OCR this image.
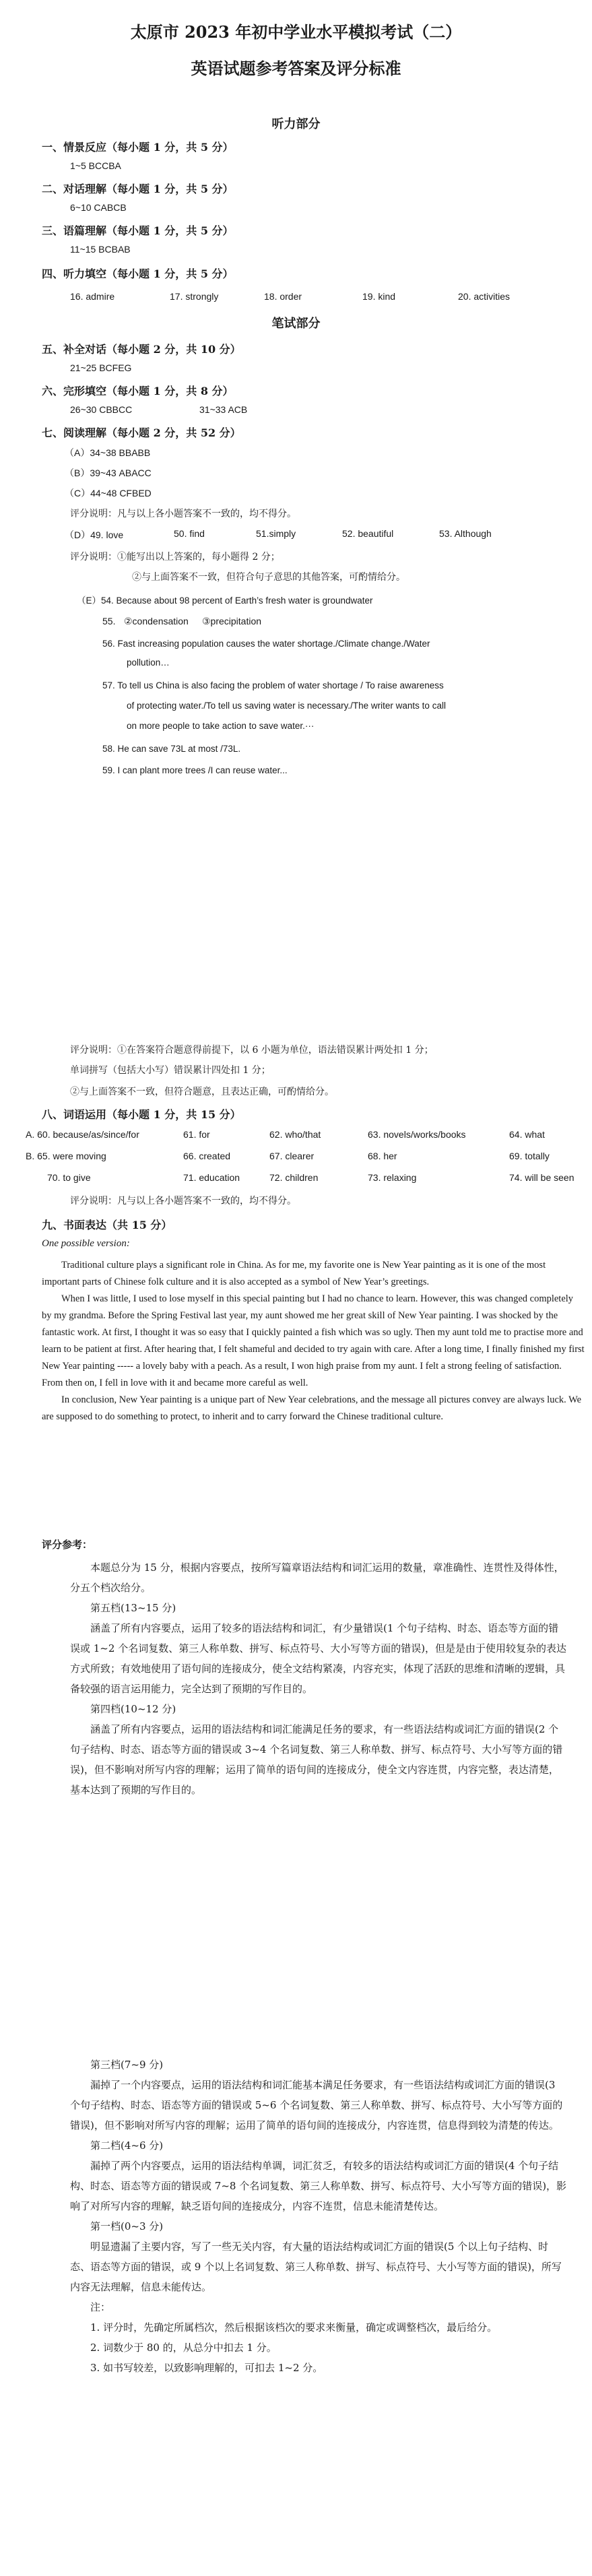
太原市 2023 年初中学业水平模拟考试（二）
英语试题参考答案及评分标准
听力部分
一、情景反应（每小题 1 分，共 5 分）
1~5 BCCBA
二、对话理解（每小题 1 分，共 5 分）
6~10 CABCB
三、语篇理解（每小题 1 分，共 5 分）
11~15 BCBAB
四、听力填空（每小题 1 分，共 5 分）
16. admire	17. strongly	18. order	19. kind	20. activities
笔试部分
五、补全对话（每小题 2 分，共 10 分）
21~25 BCFEG
六、完形填空（每小题 1 分，共 8 分）
26~30 CBBCC	31~33 ACB
七、阅读理解（每小题 2 分，共 52 分）
（A）34~38 BBABB
（B）39~43 ABACC
（C）44~48 CFBED
评分说明：凡与以上各小题答案不一致的，均不得分。
（D）49. love	50. find	51.simply	52. beautiful	53. Although
评分说明：①能写出以上答案的，每小题得 2 分；
②与上面答案不一致，但符合句子意思的其他答案，可酌情给分。
（E）54. Because about 98 percent of Earth’s fresh water is groundwater
55. ②condensation ③precipitation
56. Fast increasing population causes the water shortage./Climate change./Water
pollution…
57. To tell us China is also facing the problem of water shortage / To raise awareness
of protecting water./To tell us saving water is necessary./The writer wants to call
on more people to take action to save water.···
58. He can save 73L at most /73L.
59. I can plant more trees /I can reuse water...
评分说明：①在答案符合题意得前提下，以 6 小题为单位，语法错误累计两处扣 1 分；
单词拼写（包括大小写）错误累计四处扣 1 分；
②与上面答案不一致，但符合题意，且表达正确，可酌情给分。
八、词语运用（每小题 1 分，共 15 分）
A. 60. because/as/since/for	61. for	62. who/that	63. novels/works/books	64. what
B. 65. were moving	66. created	67. clearer	68. her	69. totally
70. to give	71. education	72. children	73. relaxing	74. will be seen
评分说明：凡与以上各小题答案不一致的，均不得分。
九、书面表达（共 15 分）
One possible version:

Traditional culture plays a significant role in China. As for me, my favorite one is New Year painting as it is one of the most important parts of Chinese folk culture and it is also accepted as a symbol of New Year’s greetings.

When I was little, I used to lose myself in this special painting but I had no chance to learn. However, this was changed completely by my grandma. Before the Spring Festival last year, my aunt showed me her great skill of New Year painting. I was shocked by the fantastic work. At first, I thought it was so easy that I quickly painted a fish which was so ugly. Then my aunt told me to practise more and learn to be patient at first. After hearing that, I felt shameful and decided to try again with care. After a long time, I finally finished my first New Year painting ----- a lovely baby with a peach. As a result, I won high praise from my aunt. I felt a strong feeling of satisfaction. From then on, I fell in love with it and became more careful as well.

In conclusion, New Year painting is a unique part of New Year celebrations, and the message all pictures convey are always luck. We are supposed to do something to protect, to inherit and to carry forward the Chinese traditional culture.

评分参考：

本题总分为 15 分，根据内容要点，按所写篇章语法结构和词汇运用的数量，章准确性、连贯性及得体性，分五个档次给分。

第五档(13~15 分)

涵盖了所有内容要点，运用了较多的语法结构和词汇，有少量错误(1 个句子结构、时态、语态等方面的错误或 1~2 个名词复数、第三人称单数、拼写、标点符号、大小写等方面的错误)，但是是由于使用较复杂的表达方式所致；有效地使用了语句间的连接成分，使全文结构紧凑，内容充实，体现了活跃的思维和清晰的逻辑，具备较强的语言运用能力，完全达到了预期的写作目的。

第四档(10~12 分)

涵盖了所有内容要点，运用的语法结构和词汇能满足任务的要求，有一些语法结构或词汇方面的错误(2 个句子结构、时态、语态等方面的错误或 3~4 个名词复数、第三人称单数、拼写、标点符号、大小写等方面的错误)，但不影响对所写内容的理解；运用了简单的语句间的连接成分，使全文内容连贯，内容完整，表达清楚，基本达到了预期的写作目的。

第三档(7~9 分)

漏掉了一个内容要点，运用的语法结构和词汇能基本满足任务要求，有一些语法结构或词汇方面的错误(3 个句子结构、时态、语态等方面的错误或 5~6 个名词复数、第三人称单数、拼写、标点符号、大小写等方面的错误)，但不影响对所写内容的理解；运用了简单的语句间的连接成分，内容连贯，信息得到较为清楚的传达。

第二档(4~6 分)

漏掉了两个内容要点，运用的语法结构单调，词汇贫乏，有较多的语法结构或词汇方面的错误(4 个句子结构、时态、语态等方面的错误或 7~8 个名词复数、第三人称单数、拼写、标点符号、大小写等方面的错误)，影响了对所写内容的理解，缺乏语句间的连接成分，内容不连贯，信息未能清楚传达。

第一档(0~3 分)

明显遗漏了主要内容，写了一些无关内容，有大量的语法结构或词汇方面的错误(5 个以上句子结构、时态、语态等方面的错误，或 9 个以上名词复数、第三人称单数、拼写、标点符号、大小写等方面的错误)，所写内容无法理解，信息未能传达。

注：

1. 评分时，先确定所属档次，然后根据该档次的要求来衡量，确定或调整档次，最后给分。

2. 词数少于 80 的，从总分中扣去 1 分。

3. 如书写较差，以致影响理解的，可扣去 1~2 分。
